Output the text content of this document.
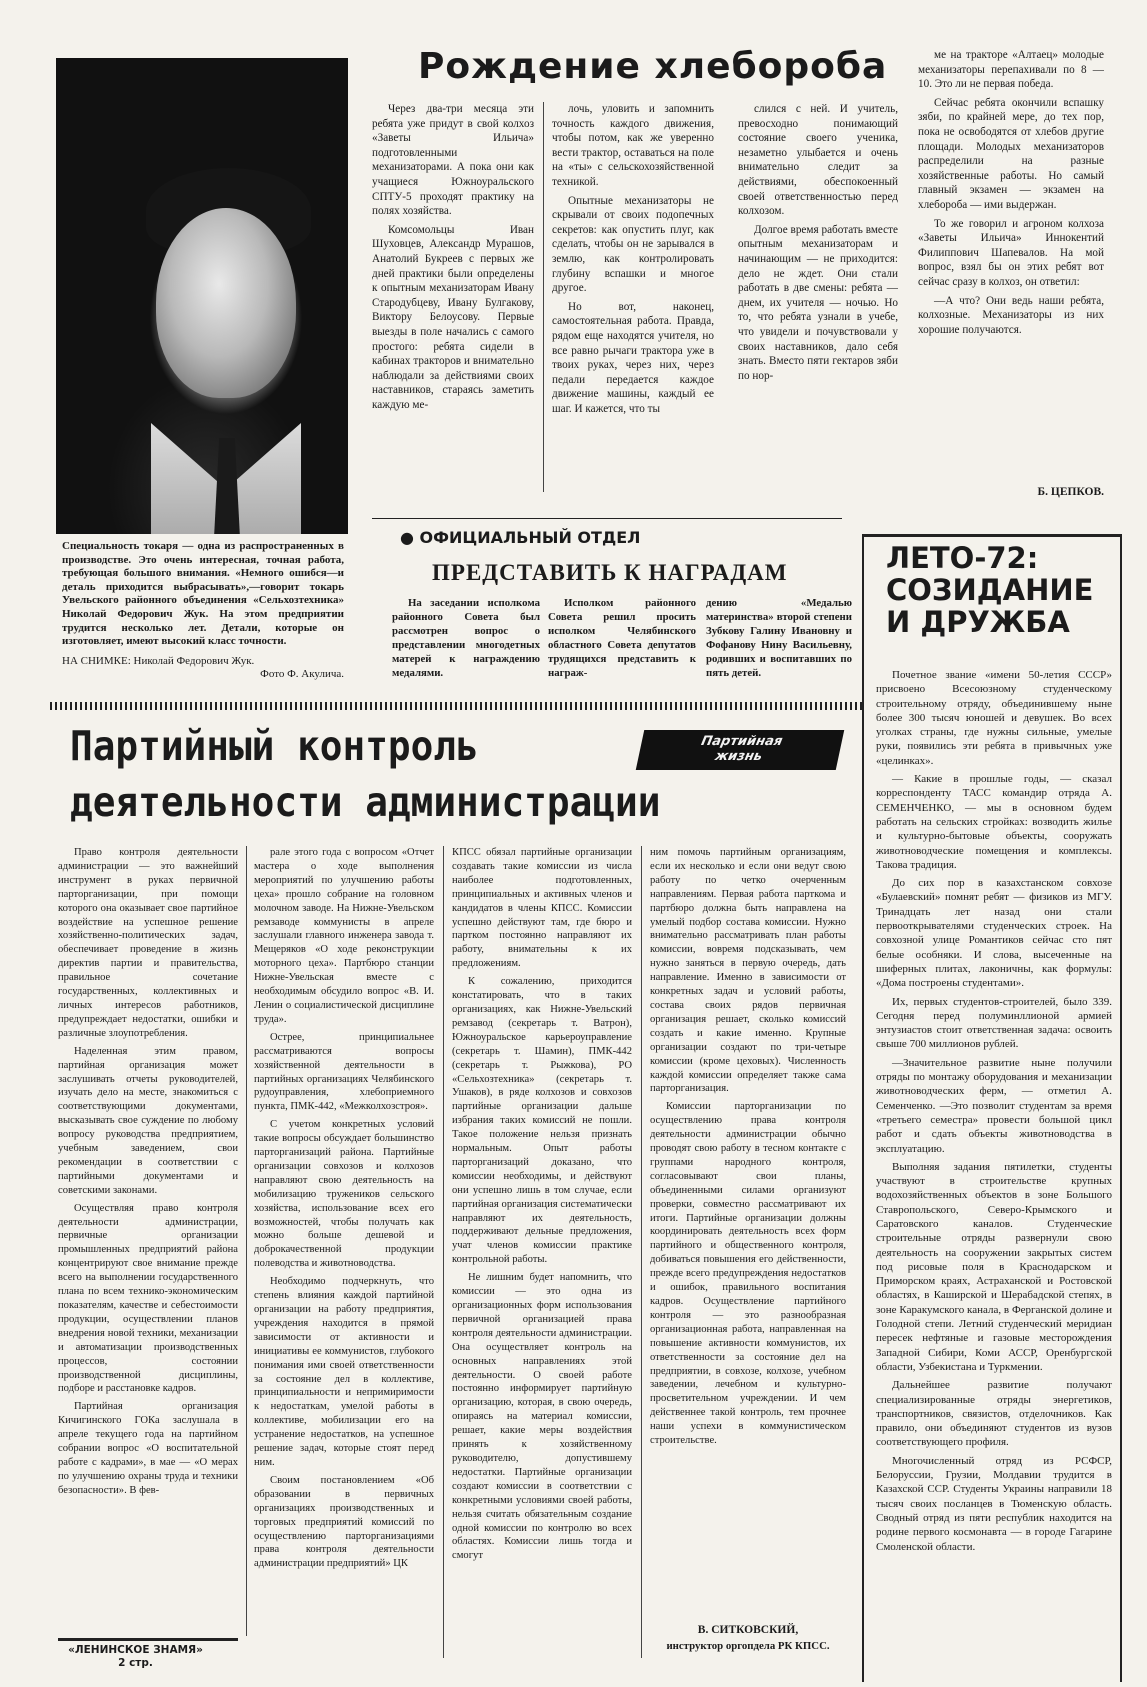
Специальность токаря — одна из распространенных в производстве. Это очень интересная, точная работа, требующая большого внимания. «Немного ошибся—и деталь приходится выбрасывать»,—говорит токарь Увельского районного объединения «Сельхозтехника» Николай Федорович Жук. На этом предприятии трудится несколько лет. Детали, которые он изготовляет, имеют высокий класс точности.
НА СНИМКЕ: Николай Федорович Жук.
Фото Ф. Акулича.
Рождение хлебороба

Через два-три месяца эти ребята уже придут в свой колхоз «Заветы Ильича» подготовленными механизаторами. А пока они как учащиеся Южноуральского СПТУ-5 проходят практику на полях хозяйства.

Комсомольцы Иван Шуховцев, Александр Мурашов, Анатолий Букреев с первых же дней практики были определены к опытным механизаторам Ивану Стародубцеву, Ивану Булгакову, Виктору Белоусову. Первые выезды в поле начались с самого простого: ребята сидели в кабинах тракторов и внимательно наблюдали за действиями своих наставников, стараясь заметить каждую ме-

лочь, уловить и запомнить точность каждого движения, чтобы потом, как же уверенно вести трактор, оставаться на поле на «ты» с сельскохозяйственной техникой.

Опытные механизаторы не скрывали от своих подопечных секретов: как опустить плуг, как сделать, чтобы он не зарывался в землю, как контролировать глубину вспашки и многое другое.

Но вот, наконец, самостоятельная работа. Правда, рядом еще находятся учителя, но все равно рычаги трактора уже в твоих руках, через них, через педали передается каждое движение машины, каждый ее шаг. И кажется, что ты

слился с ней. И учитель, превосходно понимающий состояние своего ученика, незаметно улыбается и очень внимательно следит за действиями, обеспокоенный своей ответственностью перед колхозом.

Долгое время работать вместе опытным механизаторам и начинающим — не приходится: дело не ждет. Они стали работать в две смены: ребята — днем, их учителя — ночью. Но то, что ребята узнали в учебе, что увидели и почувствовали у своих наставников, дало себя знать. Вместо пяти гектаров зяби по нор-

ме на тракторе «Алтаец» молодые механизаторы перепахивали по 8 — 10. Это ли не первая победа.

Сейчас ребята окончили вспашку зяби, по крайней мере, до тех пор, пока не освободятся от хлебов другие площади. Молодых механизаторов распределили на разные хозяйственные работы. Но самый главный экзамен — экзамен на хлебороба — ими выдержан.

То же говорил и агроном колхоза «Заветы Ильича» Иннокентий Филиппович Шапевалов. На мой вопрос, взял бы он этих ребят вот сейчас сразу в колхоз, он ответил:

—А что? Они ведь наши ребята, колхозные. Механизаторы из них хорошие получаются.

Б. ЦЕПКОВ.
● ОФИЦИАЛЬНЫЙ ОТДЕЛ
ПРЕДСТАВИТЬ К НАГРАДАМ

На заседании исполкома районного Совета был рассмотрен вопрос о представлении многодетных матерей к награждению медалями.

Исполком районного Совета решил просить исполком Челябинского областного Совета депутатов трудящихся представить к награж-

дению «Медалью материнства» второй степени Зубкову Галину Ивановну и Фофанову Нину Васильевну, родивших и воспитавших по пять детей.

ЛЕТО-72: СОЗИДАНИЕ И ДРУЖБА

Почетное звание «имени 50-летия СССР» присвоено Всесоюзному студенческому строительному отряду, объединившему ныне более 300 тысяч юношей и девушек. Во всех уголках страны, где нужны сильные, умелые руки, появились эти ребята в привычных уже «целинках».

— Какие в прошлые годы, — сказал корреспонденту ТАСС командир отряда А. СЕМЕНЧЕНКО, — мы в основном будем работать на сельских стройках: возводить жилье и культурно-бытовые объекты, сооружать животноводческие помещения и комплексы. Такова традиция.

До сих пор в казахстанском совхозе «Булаевский» помнят ребят — физиков из МГУ. Тринадцать лет назад они стали первооткрывателями студенческих строек. На совхозной улице Романтиков сейчас сто пят белые особняки. И слова, высеченные на шиферных плитах, лаконичны, как формулы: «Дома построены студентами».

Их, первых студентов-строителей, было 339. Сегодня перед полуминллионой армией энтузиастов стоит ответственная задача: освоить свыше 700 миллионов рублей.

—Значительное развитие ныне получили отряды по монтажу оборудования и механизации животноводческих ферм, — отметил А. Семенченко. —Это позволит студентам за время «третьего семестра» провести большой цикл работ и сдать объекты животноводства в эксплуатацию.

Выполняя задания пятилетки, студенты участвуют в строительстве крупных водохозяйственных объектов в зоне Большого Ставропольского, Северо-Крымского и Саратовского каналов. Студенческие строительные отряды развернули свою деятельность на сооружении закрытых систем под рисовые поля в Краснодарском и Приморском краях, Астраханской и Ростовской областях, в Каширской и Шерабадской степях, в зоне Каракумского канала, в Ферганской долине и Голодной степи. Летний студенческий меридиан пересек нефтяные и газовые месторождения Западной Сибири, Коми АССР, Оренбургской области, Узбекистана и Туркмении.

Дальнейшее развитие получают специализированные отряды энергетиков, транспортников, связистов, отделочников. Как правило, они объединяют студентов из вузов соответствующего профиля.

Многочисленный отряд из РСФСР, Белоруссии, Грузии, Молдавии трудится в Казахской ССР. Студенты Украины направили 18 тысяч своих посланцев в Тюменскую область. Сводный отряд из пяти республик находится на родине первого космонавта — в городе Гагарине Смоленской области.

Партийный контроль
деятельности администрации
Партийная
жизнь

Право контроля деятельности администрации — это важнейший инструмент в руках первичной парторганизации, при помощи которого она оказывает свое партийное воздействие на успешное решение хозяйственно-политических задач, обеспечивает проведение в жизнь директив партии и правительства, правильное сочетание государственных, коллективных и личных интересов работников, предупреждает недостатки, ошибки и различные злоупотребления.

Наделенная этим правом, партийная организация может заслушивать отчеты руководителей, изучать дело на месте, знакомиться с соответствующими документами, высказывать свое суждение по любому вопросу руководства предприятием, учебным заведением, свои рекомендации в соответствии с партийными документами и советскими законами.

Осуществляя право контроля деятельности администрации, первичные организации промышленных предприятий района концентрируют свое внимание прежде всего на выполнении государственного плана по всем технико-экономическим показателям, качестве и себестоимости продукции, осуществлении планов внедрения новой техники, механизации и автоматизации производственных процессов, состоянии производственной дисциплины, подборе и расстановке кадров.

Партийная организация Кичигинского ГОКа заслушала в апреле текущего года на партийном собрании вопрос «О воспитательной работе с кадрами», в мае — «О мерах по улучшению охраны труда и техники безопасности». В фев-

рале этого года с вопросом «Отчет мастера о ходе выполнения мероприятий по улучшению работы цеха» прошло собрание на головном молочном заводе. На Нижне-Увельском ремзаводе коммунисты в апреле заслушали главного инженера завода т. Мещеряков «О ходе реконструкции моторного цеха». Партбюро станции Нижне-Увельская вместе с необходимым обсудило вопрос «В. И. Ленин о социалистической дисциплине труда».

Острее, принципиальнее рассматриваются вопросы хозяйственной деятельности в партийных организациях Челябинского рудоуправления, хлебоприемного пункта, ПМК-442, «Межколхозстроя».

С учетом конкретных условий такие вопросы обсуждает большинство парторганизаций района. Партийные организации совхозов и колхозов направляют свою деятельность на мобилизацию тружеников сельского хозяйства, использование всех его возможностей, чтобы получать как можно больше дешевой и доброкачественной продукции полеводства и животноводства.

Необходимо подчеркнуть, что степень влияния каждой партийной организации на работу предприятия, учреждения находится в прямой зависимости от активности и инициативы ее коммунистов, глубокого понимания ими своей ответственности за состояние дел в коллективе, принципиальности и непримиримости к недостаткам, умелой работы в коллективе, мобилизации его на устранение недостатков, на успешное решение задач, которые стоят перед ним.

Своим постановлением «Об образовании в первичных организациях производственных и торговых предприятий комиссий по осуществлению парторганизациями права контроля деятельности администрации предприятий» ЦК

КПСС обязал партийные организации создавать такие комиссии из числа наиболее подготовленных, принципиальных и активных членов и кандидатов в члены КПСС. Комиссии успешно действуют там, где бюро и партком постоянно направляют их работу, внимательны к их предложениям.

К сожалению, приходится констатировать, что в таких организациях, как Нижне-Увельский ремзавод (секретарь т. Ватрон), Южноуральское карьероуправление (секретарь т. Шамин), ПМК-442 (секретарь т. Рыжкова), РО «Сельхозтехника» (секретарь т. Ушаков), в ряде колхозов и совхозов партийные организации дальше избрания таких комиссий не пошли. Такое положение нельзя признать нормальным. Опыт работы парторганизаций доказано, что комиссии необходимы, и действуют они успешно лишь в том случае, если партийная организация систематически направляют их деятельность, поддерживают дельные предложения, учат членов комиссии практике контрольной работы.

Не лишним будет напомнить, что комиссии — это одна из организационных форм использования первичной организацией права контроля деятельности администрации. Она осуществляет контроль на основных направлениях этой деятельности. О своей работе постоянно информирует партийную организацию, которая, в свою очередь, опираясь на материал комиссии, решает, какие меры воздействия принять к хозяйственному руководителю, допустившему недостатки. Партийные организации создают комиссии в соответствии с конкретными условиями своей работы, нельзя считать обязательным создание одной комиссии по контролю во всех областях. Комиссии лишь тогда и смогут

ним помочь партийным организациям, если их несколько и если они ведут свою работу по четко очерченным направлениям. Первая работа парткома и партбюро должна быть направлена на умелый подбор состава комиссии. Нужно внимательно рассматривать план работы комиссии, вовремя подсказывать, чем нужно заняться в первую очередь, дать направление. Именно в зависимости от конкретных задач и условий работы, состава своих рядов первичная организация решает, сколько комиссий создать и какие именно. Крупные организации создают по три-четыре комиссии (кроме цеховых). Численность каждой комиссии определяет также сама парторганизация.

Комиссии парторганизации по осуществлению права контроля деятельности администрации обычно проводят свою работу в тесном контакте с группами народного контроля, согласовывают свои планы, объединенными силами организуют проверки, совместно рассматривают их итоги. Партийные организации должны координировать деятельность всех форм партийного и общественного контроля, добиваться повышения его действенности, прежде всего предупреждения недостатков и ошибок, правильного воспитания кадров. Осуществление партийного контроля — это разнообразная организационная работа, направленная на повышение активности коммунистов, их ответственности за состояние дел на предприятии, в совхозе, колхозе, учебном заведении, лечебном и культурно-просветительном учреждении. И чем действеннее такой контроль, тем прочнее наши успехи в коммунистическом строительстве.

В. СИТКОВСКИЙ,
инструктор оргопдела РК КПСС.
«ЛЕНИНСКОЕ ЗНАМЯ»
2 стр.
